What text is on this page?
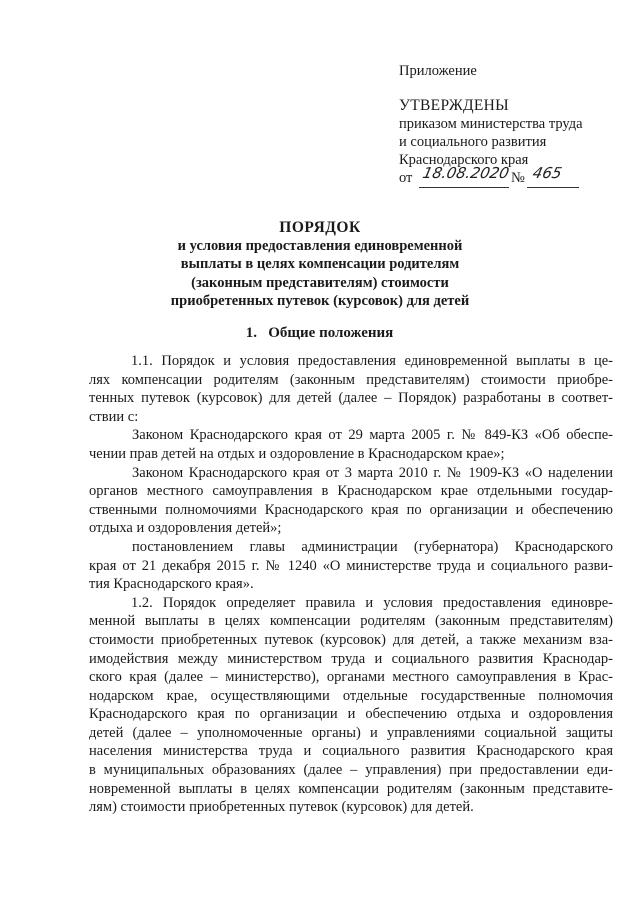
Приложение
УТВЕРЖДЕНЫ
приказом министерства труда
и социального развития
Краснодарского края
от 18.08.2020 № 465
ПОРЯДОК
и условия предоставления единовременной
выплаты в целях компенсации родителям
(законным представителям) стоимости
приобретенных путевок (курсовок) для детей
1. Общие положения
1.1. Порядок и условия предоставления единовременной выплаты в це-
лях компенсации родителям (законным представителям) стоимости приобре-
тенных путевок (курсовок) для детей (далее – Порядок) разработаны в соответ-
ствии с:
Законом Краснодарского края от 29 марта 2005 г. № 849-КЗ «Об обеспе-
чении прав детей на отдых и оздоровление в Краснодарском крае»;
Законом Краснодарского края от 3 марта 2010 г. № 1909-КЗ «О наделении
органов местного самоуправления в Краснодарском крае отдельными государ-
ственными полномочиями Краснодарского края по организации и обеспечению
отдыха и оздоровления детей»;
постановлением главы администрации (губернатора) Краснодарского
края от 21 декабря 2015 г. № 1240 «О министерстве труда и социального разви-
тия Краснодарского края».
1.2. Порядок определяет правила и условия предоставления единовре-
менной выплаты в целях компенсации родителям (законным представителям)
стоимости приобретенных путевок (курсовок) для детей, а также механизм вза-
имодействия между министерством труда и социального развития Краснодар-
ского края (далее – министерство), органами местного самоуправления в Крас-
нодарском крае, осуществляющими отдельные государственные полномочия
Краснодарского края по организации и обеспечению отдыха и оздоровления
детей (далее – уполномоченные органы) и управлениями социальной защиты
населения министерства труда и социального развития Краснодарского края
в муниципальных образованиях (далее – управления) при предоставлении еди-
новременной выплаты в целях компенсации родителям (законным представите-
лям) стоимости приобретенных путевок (курсовок) для детей.
